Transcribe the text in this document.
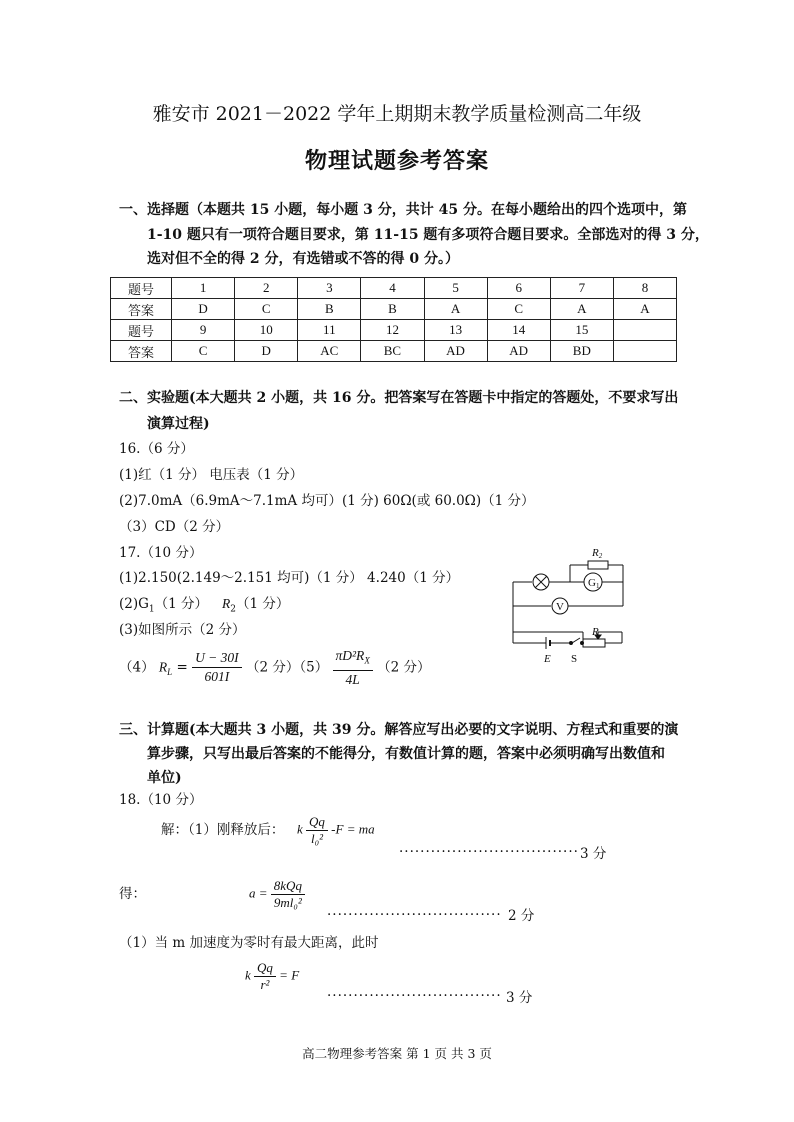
雅安市 2021－2022 学年上期期末教学质量检测高二年级
物理试题参考答案
一、选择题（本题共 15 小题，每小题 3 分，共计 45 分。在每小题给出的四个选项中，第
1-10 题只有一项符合题目要求，第 11-15 题有多项符合题目要求。全部选对的得 3 分，
选对但不全的得 2 分，有选错或不答的得 0 分。）
题号	1	2	3	4	5	6	7	8
答案	D	C	B	B	A	C	A	A
题号	9	10	11	12	13	14	15	
答案	C	D	AC	BC	AD	AD	BD	
二、实验题(本大题共 2 小题，共 16 分。把答案写在答题卡中指定的答题处，不要求写出
演算过程)
16.（6 分）
(1)红（1 分） 电压表（1 分）
(2)7.0mA（6.9mA～7.1mA 均可）(1 分) 60Ω(或 60.0Ω)（1 分）
（3）CD（2 分）
17.（10 分）
(1)2.150(2.149～2.151 均可)（1 分） 4.240（1 分）
$(2)G_1(1$ 分） $R_2(1$ 分）
(3)如图所示（2 分）
（4） $R_L = \frac{U - 30I}{601I} (2$ 分）$(5) \frac{\pi D^2R_X}{4L} (2$ 分）
R2
G1
V
R
E S
三、计算题(本大题共 3 小题，共 39 分。解答应写出必要的文字说明、方程式和重要的演
算步骤，只写出最后答案的不能得分，有数值计算的题，答案中必须明确写出数值和
单位)
18.（10 分）
解：（1）刚释放后： k $\frac{Qq}{\text{l₀²}} -F$ = ma
·································· 3 分
得：	$a = \frac{\text{8kQq}}{\text{9ml₀²}}$
································· 2 分
（1）当 m 加速度为零时有最大距离，此时
k $\frac{Qq}{\text{r²}} = F$
································· 3 分
高二物理参考答案 第 1 页 共 3 页
